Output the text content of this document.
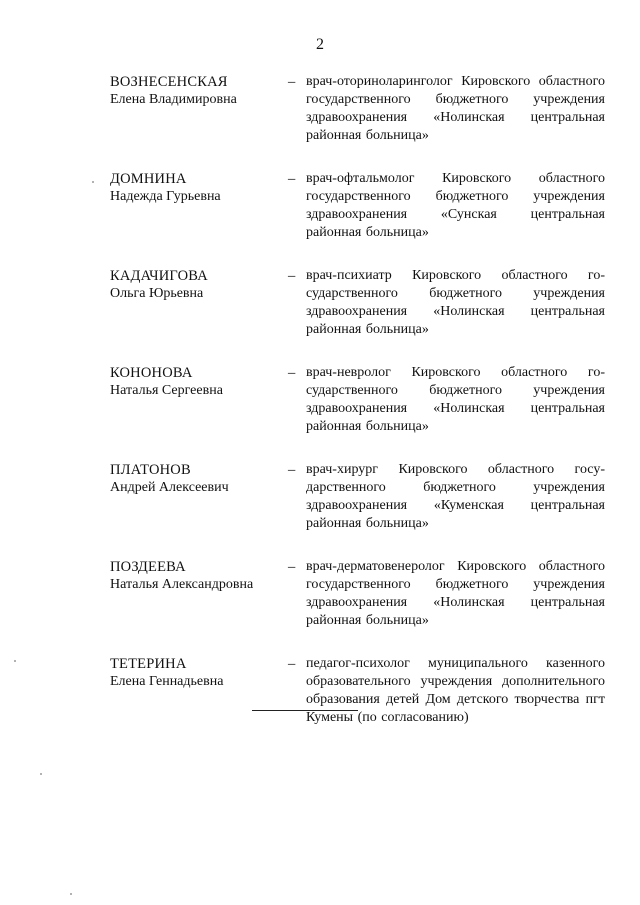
2
ВОЗНЕСЕНСКАЯ
Елена Владимировна
– врач-оториноларинголог Кировского областного государственного бюджетного учреждения здравоохранения «Нолинская центральная районная больница»
ДОМНИНА
Надежда Гурьевна
– врач-офтальмолог Кировского областного государственного бюджетного учреждения здравоохранения «Сунская центральная районная больница»
КАДАЧИГОВА
Ольга Юрьевна
– врач-психиатр Кировского областного государственного бюджетного учреждения здравоохранения «Нолинская центральная районная больница»
КОНОНОВА
Наталья Сергеевна
– врач-невролог Кировского областного государственного бюджетного учреждения здравоохранения «Нолинская центральная районная больница»
ПЛАТОНОВ
Андрей Алексеевич
– врач-хирург Кировского областного государственного бюджетного учреждения здравоохранения «Куменская центральная районная больница»
ПОЗДЕЕВА
Наталья Александровна
– врач-дерматовенеролог Кировского областного государственного бюджетного учреждения здравоохранения «Нолинская центральная районная больница»
ТЕТЕРИНА
Елена Геннадьевна
– педагог-психолог муниципального казенного образовательного учреждения дополнительного образования детей Дом детского творчества пгт Кумены (по согласованию)
